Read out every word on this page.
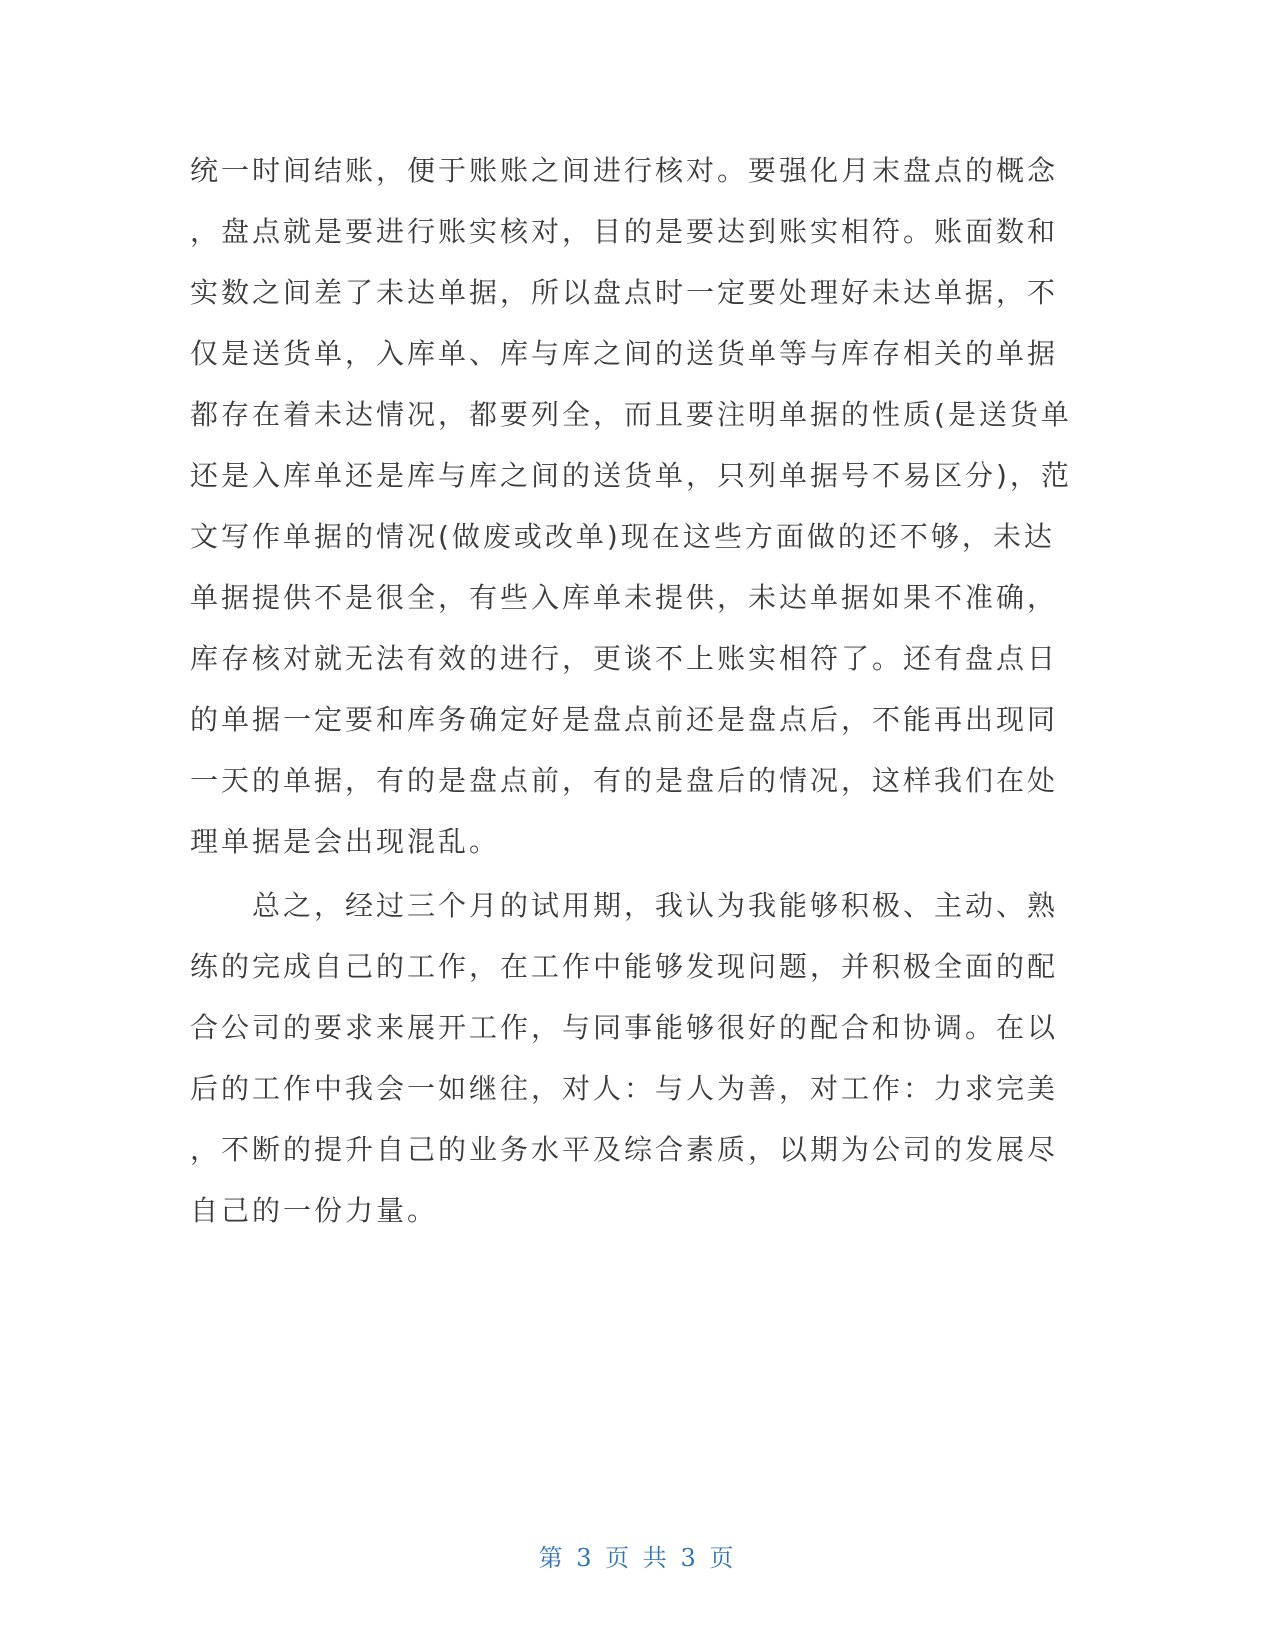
统一时间结账，便于账账之间进行核对。要强化月末盘点的概念
，盘点就是要进行账实核对，目的是要达到账实相符。账面数和
实数之间差了未达单据，所以盘点时一定要处理好未达单据，不
仅是送货单，入库单、库与库之间的送货单等与库存相关的单据
都存在着未达情况，都要列全，而且要注明单据的性质(是送货单
还是入库单还是库与库之间的送货单，只列单据号不易区分)，范
文写作单据的情况(做废或改单)现在这些方面做的还不够，未达
单据提供不是很全，有些入库单未提供，未达单据如果不准确，
库存核对就无法有效的进行，更谈不上账实相符了。还有盘点日
的单据一定要和库务确定好是盘点前还是盘点后，不能再出现同
一天的单据，有的是盘点前，有的是盘后的情况，这样我们在处
理单据是会出现混乱。
　　总之，经过三个月的试用期，我认为我能够积极、主动、熟
练的完成自己的工作，在工作中能够发现问题，并积极全面的配
合公司的要求来展开工作，与同事能够很好的配合和协调。在以
后的工作中我会一如继往，对人：与人为善，对工作：力求完美
，不断的提升自己的业务水平及综合素质，以期为公司的发展尽
自己的一份力量。
第 3 页 共 3 页
